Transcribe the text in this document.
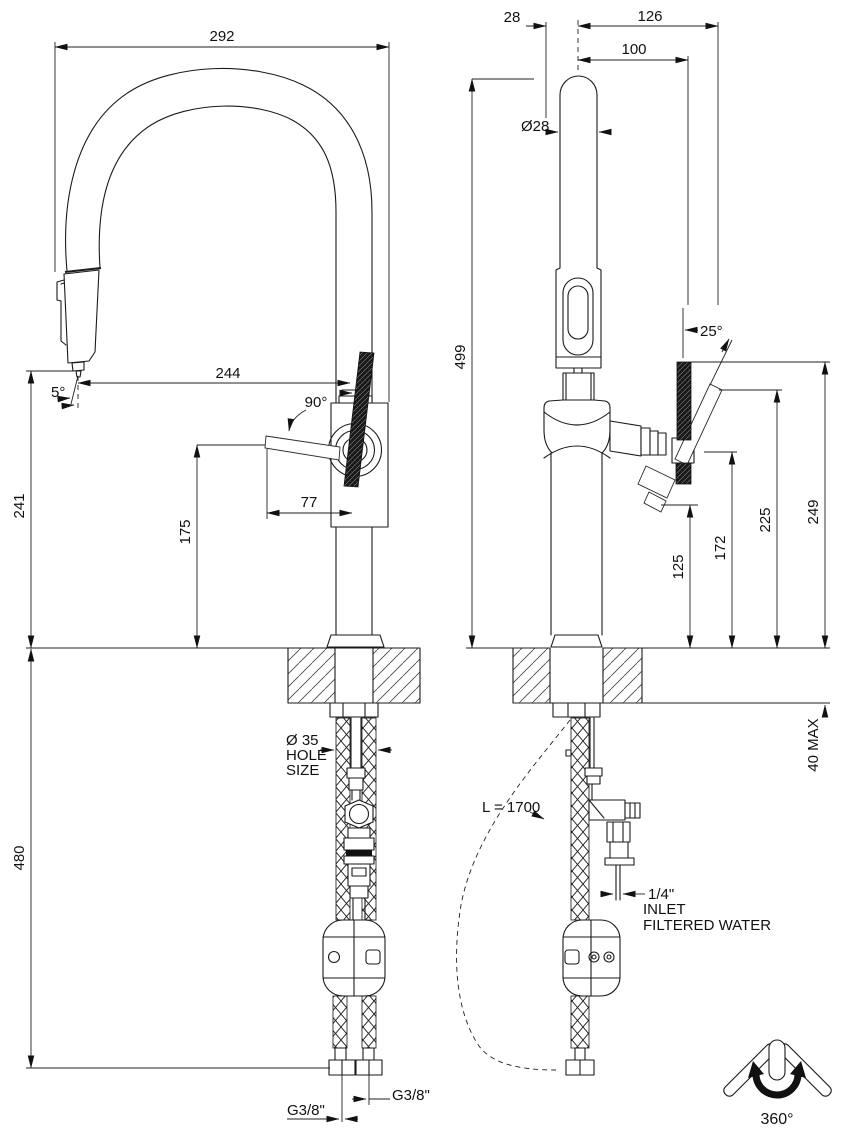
292
244
5°
241
480
175
77
90°
Ø 35
HOLE
SIZE
G3/8"
G3/8"
28	126
100
Ø28
499
25°
125
172
225 249
40 MAX
L = 1700
1/4"
INLET
FILTERED WATER
360°
